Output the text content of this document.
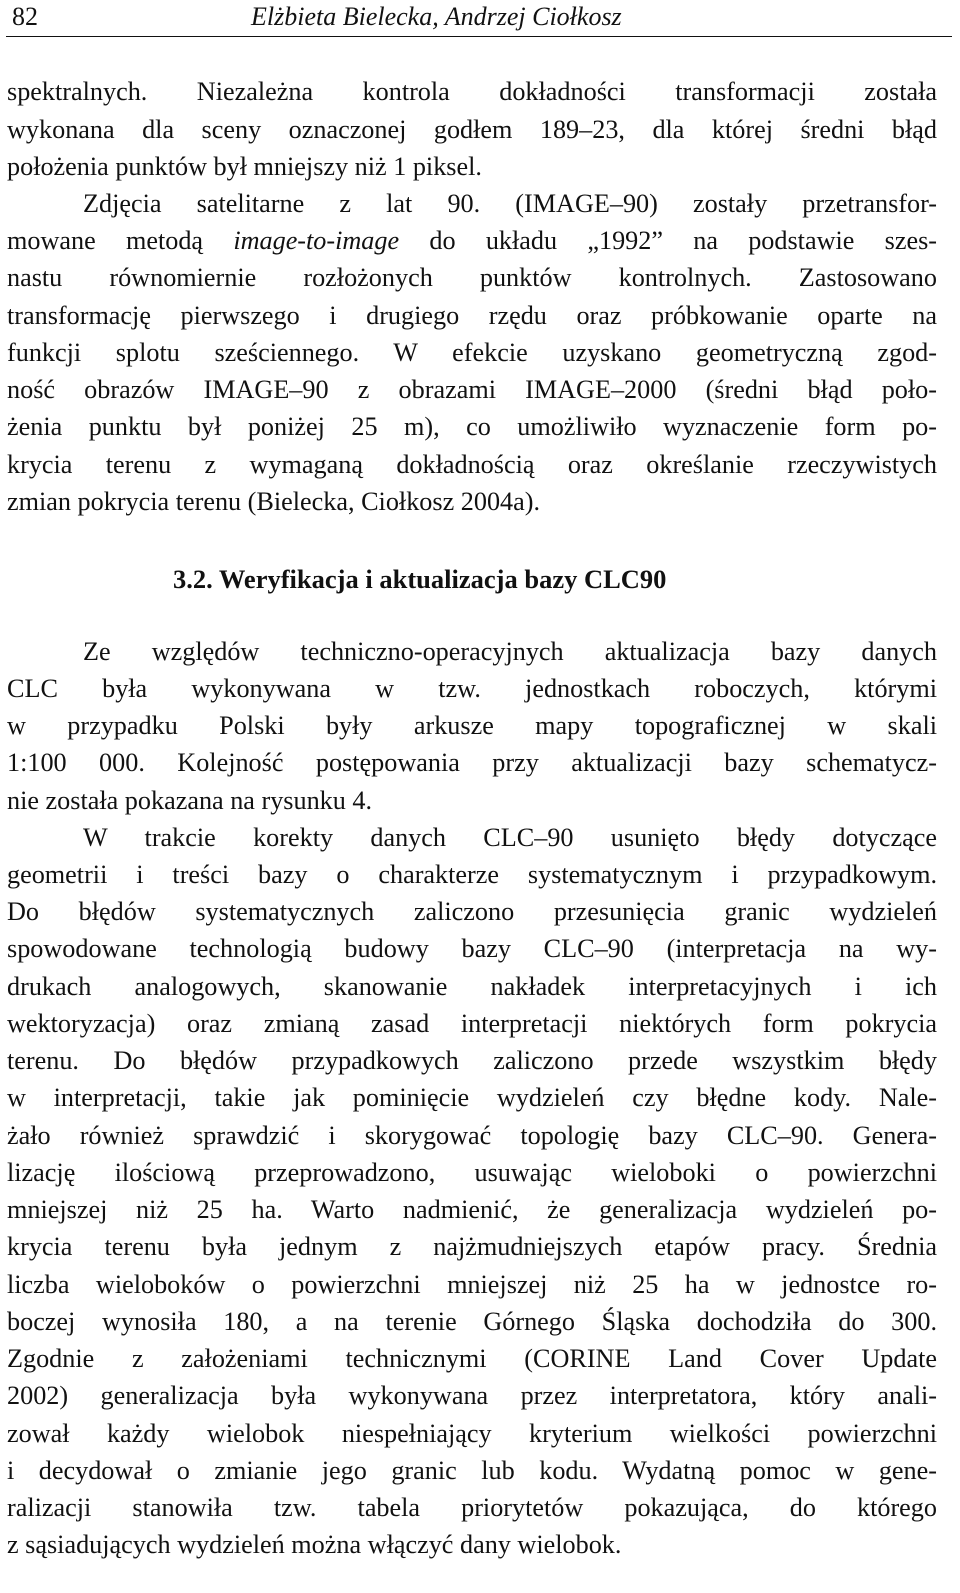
82	Elżbieta Bielecka, Andrzej Ciołkosz
spektralnych. Niezależna kontrola dokładności transformacji została
wykonana dla sceny oznaczonej godłem 189–23, dla której średni błąd
położenia punktów był mniejszy niż 1 piksel.
Zdjęcia satelitarne z lat 90. (IMAGE–90) zostały przetransfor-
mowane metodą image-to-image do układu „1992” na podstawie szes-
nastu równomiernie rozłożonych punktów kontrolnych. Zastosowano
transformację pierwszego i drugiego rzędu oraz próbkowanie oparte na
funkcji splotu sześciennego. W efekcie uzyskano geometryczną zgod-
ność obrazów IMAGE–90 z obrazami IMAGE–2000 (średni błąd poło-
żenia punktu był poniżej 25 m), co umożliwiło wyznaczenie form po-
krycia terenu z wymaganą dokładnością oraz określanie rzeczywistych
zmian pokrycia terenu (Bielecka, Ciołkosz 2004a).
3.2. Weryfikacja i aktualizacja bazy CLC90
Ze względów techniczno-operacyjnych aktualizacja bazy danych
CLC była wykonywana w tzw. jednostkach roboczych, którymi
w przypadku Polski były arkusze mapy topograficznej w skali
1:100 000. Kolejność postępowania przy aktualizacji bazy schematycz-
nie została pokazana na rysunku 4.
W trakcie korekty danych CLC–90 usunięto błędy dotyczące
geometrii i treści bazy o charakterze systematycznym i przypadkowym.
Do błędów systematycznych zaliczono przesunięcia granic wydzieleń
spowodowane technologią budowy bazy CLC–90 (interpretacja na wy-
drukach analogowych, skanowanie nakładek interpretacyjnych i ich
wektoryzacja) oraz zmianą zasad interpretacji niektórych form pokrycia
terenu. Do błędów przypadkowych zaliczono przede wszystkim błędy
w interpretacji, takie jak pominięcie wydzieleń czy błędne kody. Nale-
żało również sprawdzić i skorygować topologię bazy CLC–90. Genera-
lizację ilościową przeprowadzono, usuwając wieloboki o powierzchni
mniejszej niż 25 ha. Warto nadmienić, że generalizacja wydzieleń po-
krycia terenu była jednym z najżmudniejszych etapów pracy. Średnia
liczba wieloboków o powierzchni mniejszej niż 25 ha w jednostce ro-
boczej wynosiła 180, a na terenie Górnego Śląska dochodziła do 300.
Zgodnie z założeniami technicznymi (CORINE Land Cover Update
2002) generalizacja była wykonywana przez interpretatora, który anali-
zował każdy wielobok niespełniający kryterium wielkości powierzchni
i decydował o zmianie jego granic lub kodu. Wydatną pomoc w gene-
ralizacji stanowiła tzw. tabela priorytetów pokazująca, do którego
z sąsiadujących wydzieleń można włączyć dany wielobok.
